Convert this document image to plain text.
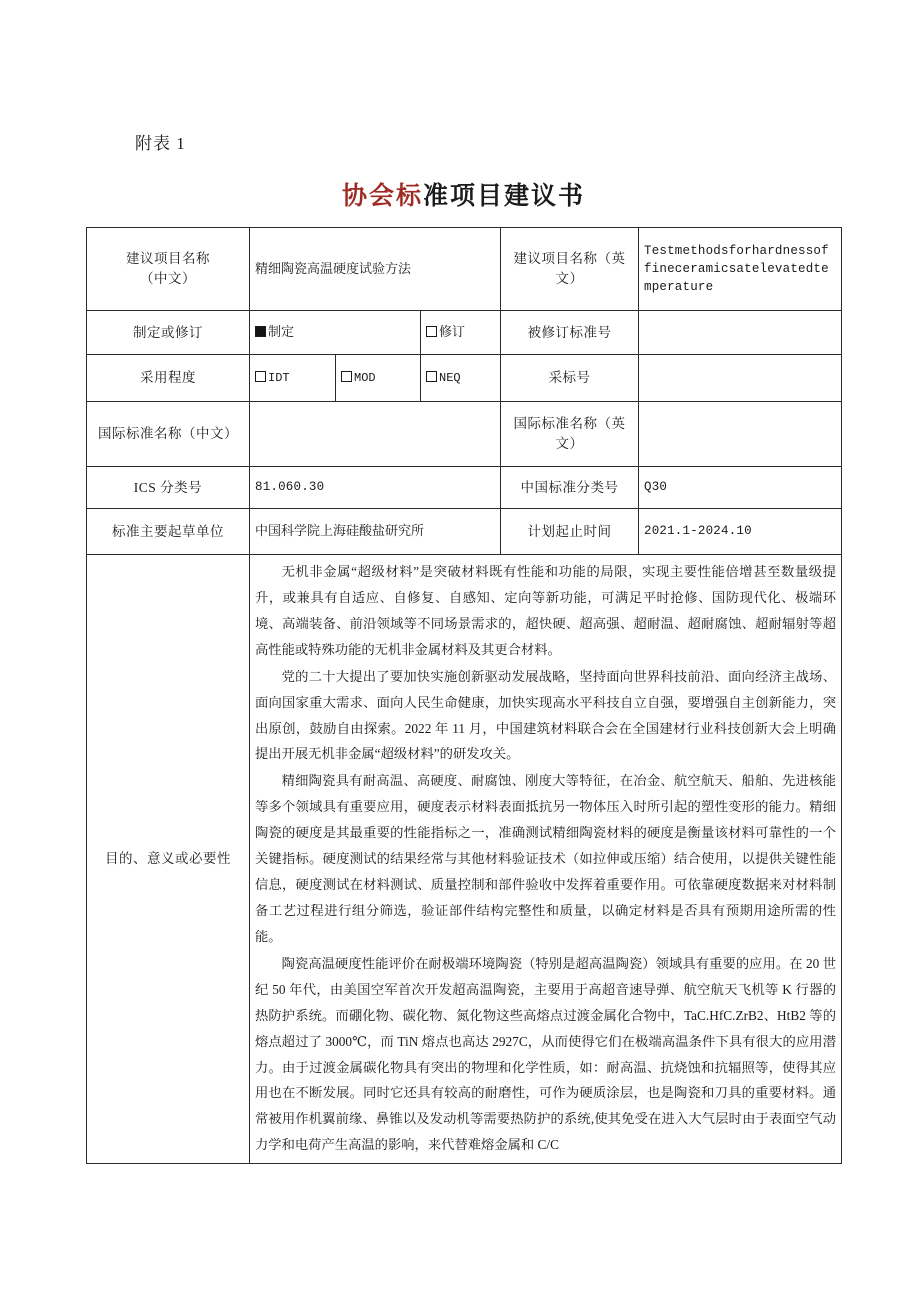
附表 1
协会标准项目建议书
建议项目名称
（中文）	精细陶瓷高温硬度试验方法			建议项目名称（英文）	Testmethodsforhardnessoffineceramicsatelevatedtemperature
制定或修订	制定		修订	被修订标准号	
采用程度	IDT	MOD	NEQ	采标号	
国际标准名称（中文）				国际标准名称（英文）	
ICS 分类号	81.060.30			中国标准分类号	Q30
标准主要起草单位	中国科学院上海硅酸盐研究所			计划起止时间	2021.1-2024.10
目的、意义或必要性	无机非金属“超级材料”是突破材料既有性能和功能的局限，实现主要性能倍增甚至数量级提升，或兼具有自适应、自修复、自感知、定向等新功能，可满足平时抢修、国防现代化、极端环境、高端装备、前沿领域等不同场景需求的，超快硬、超高强、超耐温、超耐腐蚀、超耐辐射等超高性能或特殊功能的无机非金属材料及其更合材料。

党的二十大提出了要加快实施创新驱动发展战略，坚持面向世界科技前沿、面向经济主战场、面向国家重大需求、面向人民生命健康，加快实现高水平科技自立自强，要增强自主创新能力，突出原创，鼓励自由探索。2022 年 11 月，中国建筑材料联合会在全国建材行业科技创新大会上明确提出开展无机非金属“超级材料”的研发攻关。

精细陶瓷具有耐高温、高硬度、耐腐蚀、刚度大等特征，在冶金、航空航天、船舶、先进核能等多个领域具有重要应用，硬度表示材料表面抵抗另一物体压入时所引起的塑性变形的能力。精细陶瓷的硬度是其最重要的性能指标之一，准确测试精细陶瓷材料的硬度是衡量该材料可靠性的一个关键指标。硬度测试的结果经常与其他材料验证技术（如拉伸或压缩）结合使用，以提供关键性能信息，硬度测试在材料测试、质量控制和部件验收中发挥着重要作用。可依靠硬度数据来对材料制备工艺过程进行组分筛选，验证部件结构完整性和质量，以确定材料是否具有预期用途所需的性能。

陶瓷高温硬度性能评价在耐极端环境陶瓷（特别是超高温陶瓷）领域具有重要的应用。在 20 世纪 50 年代，由美国空军首次开发超高温陶瓷，主要用于高超音速导弹、航空航天飞机等 K 行器的热防护系统。而硼化物、碳化物、氮化物这些高熔点过渡金属化合物中，TaC.HfC.ZrB2、HtB2 等的熔点超过了 3000℃，而 TiN 熔点也高达 2927C，从而使得它们在极端高温条件下具有很大的应用潜力。由于过渡金属碳化物具有突出的物埋和化学性质，如：耐高温、抗烧蚀和抗辐照等，使得其应用也在不断发展。同时它还具有较高的耐磨性，可作为硬质涂层，也是陶瓷和刀具的重要材料。通常被用作机翼前缘、鼻锥以及发动机等需要热防护的系统,使其免受在进入大气层时由于表面空气动力学和电荷产生高温的影响，来代替难熔金属和 C/C				
